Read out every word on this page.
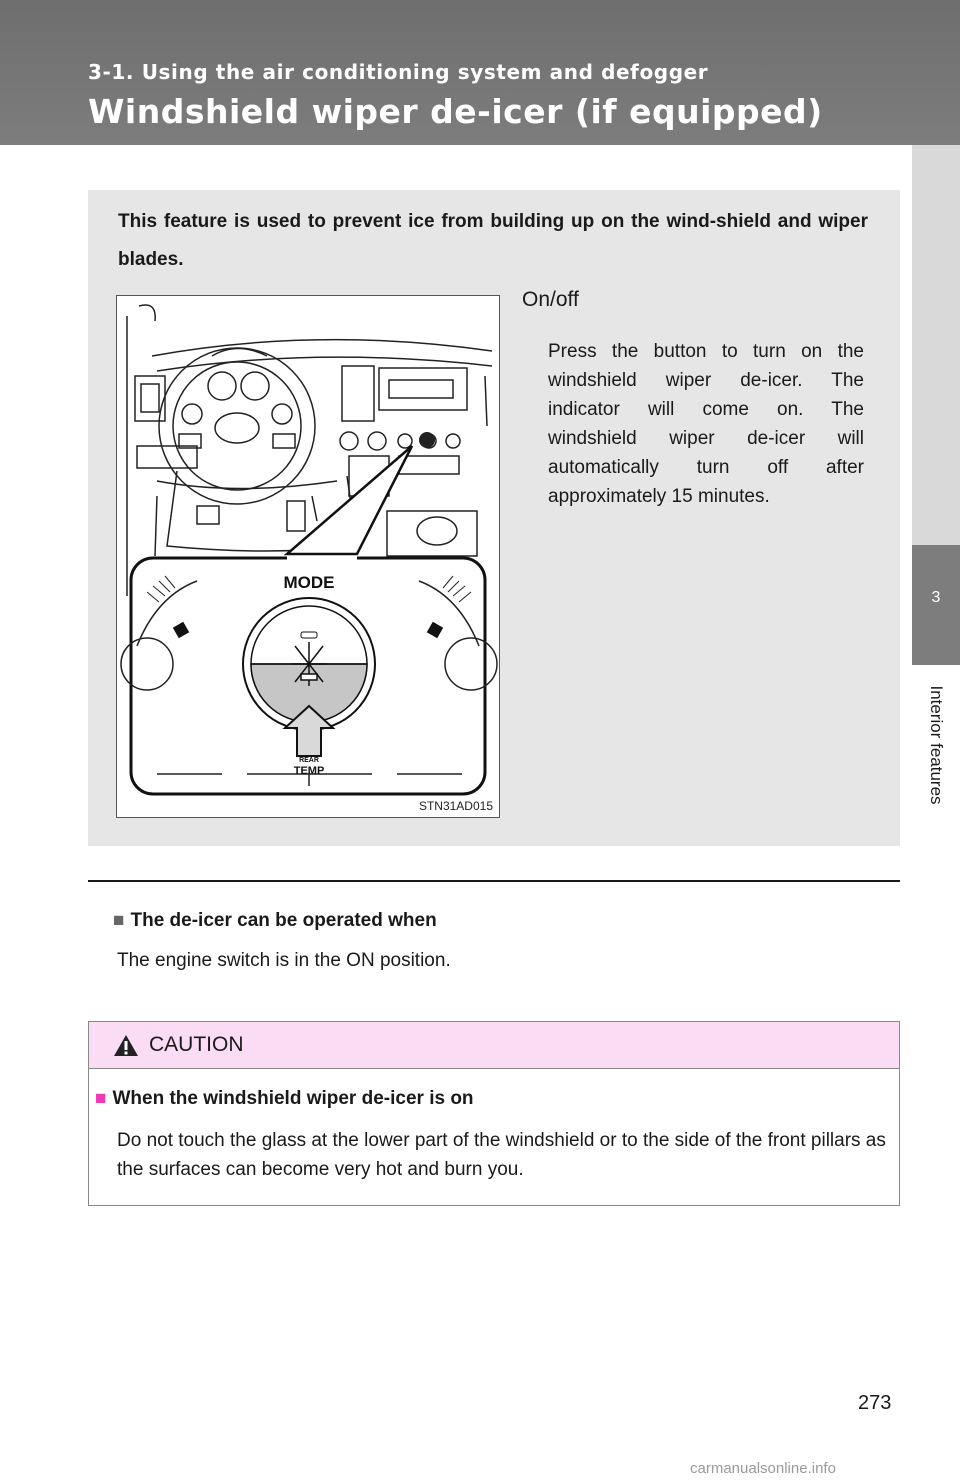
3-1. Using the air conditioning system and defogger
Windshield wiper de-icer (if equipped)
3
Interior features
This feature is used to prevent ice from building up on the wind-shield and wiper blades.
MODE
REAR
TEMP
STN31AD015
On/off
Press the button to turn on the windshield wiper de-icer. The indicator will come on. The windshield wiper de-icer will automatically turn off after approximately 15 minutes.
■ The de-icer can be operated when
The engine switch is in the ON position.
CAUTION
■ When the windshield wiper de-icer is on
Do not touch the glass at the lower part of the windshield or to the side of the front pillars as the surfaces can become very hot and burn you.
273
carmanualsonline.info
